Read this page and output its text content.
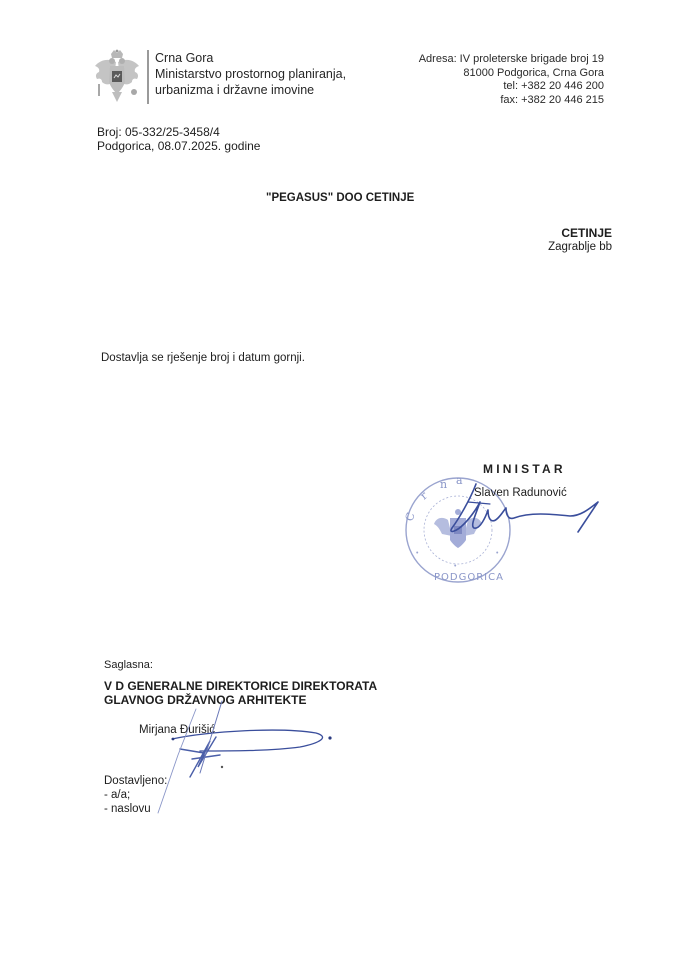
Crna Gora
Ministarstvo prostornog planiranja,
urbanizma i državne imovine
Adresa: IV proleterske brigade broj 19
81000 Podgorica, Crna Gora
tel: +382 20 446 200
fax: +382 20 446 215
Broj: 05-332/25-3458/4
Podgorica, 08.07.2025. godine
"PEGASUS" DOO CETINJE
CETINJE
Zagrablje bb
Dostavlja se rješenje broj i datum gornji.
C
r
n a
PODGORICA
•	•
•
MINISTAR
Slaven Radunović
Saglasna:
V D GENERALNE DIREKTORICE DIREKTORATA
GLAVNOG DRŽAVNOG ARHITEKTE
Mirjana Đurišić
Dostavljeno:
- a/a;
- naslovu
